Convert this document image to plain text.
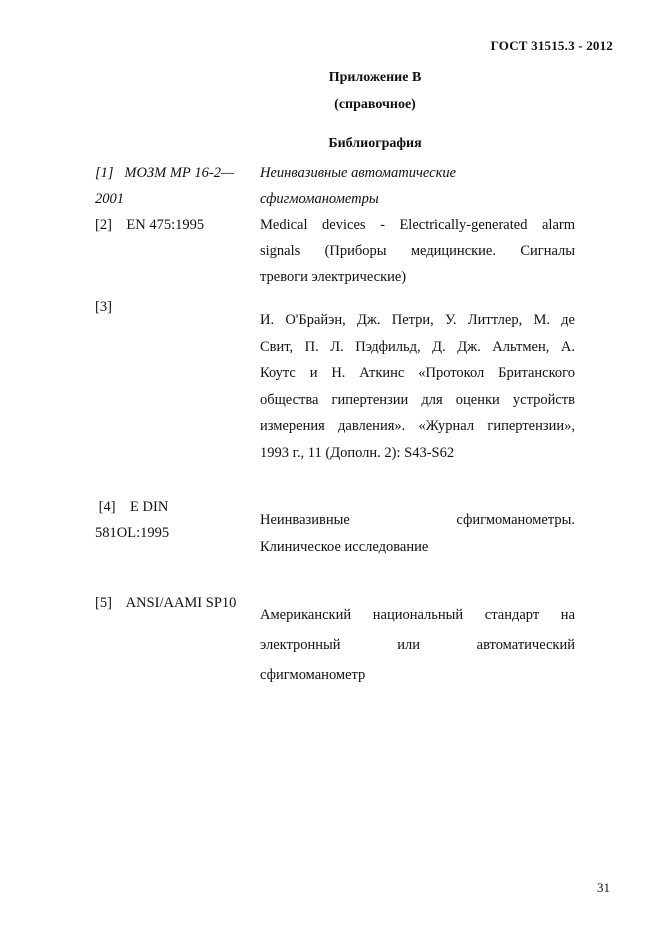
ГОСТ 31515.3 - 2012
Приложение В
(справочное)
Библиография
[1]   МОЗМ МР 16-2—
2001
Неинвазивные автоматические
сфигмоманометры
[2]    EN 475:1995	Medical devices - Electrically-generated alarm
signals (Приборы медицинские. Сигналы
тревоги электрические)
[3]
И. О'Брайэн, Дж. Петри, У. Литтлер, М. де
Свит, П. Л. Пэдфильд, Д. Дж. Альтмен, А.
Коутс и Н. Аткинс «Протокол Британского
общества гипертензии для оценки устройств
измерения давления». «Журнал гипертензии»,
1993 г., 11 (Дополн. 2): S43-S62
[4]    E DIN
581OL:1995
Неинвазивные сфигмоманометры.
Клиническое исследование
[5]    ANSI/AAMI SP10
Американский национальный стандарт на
электронный или автоматический
сфигмоманометр
31
